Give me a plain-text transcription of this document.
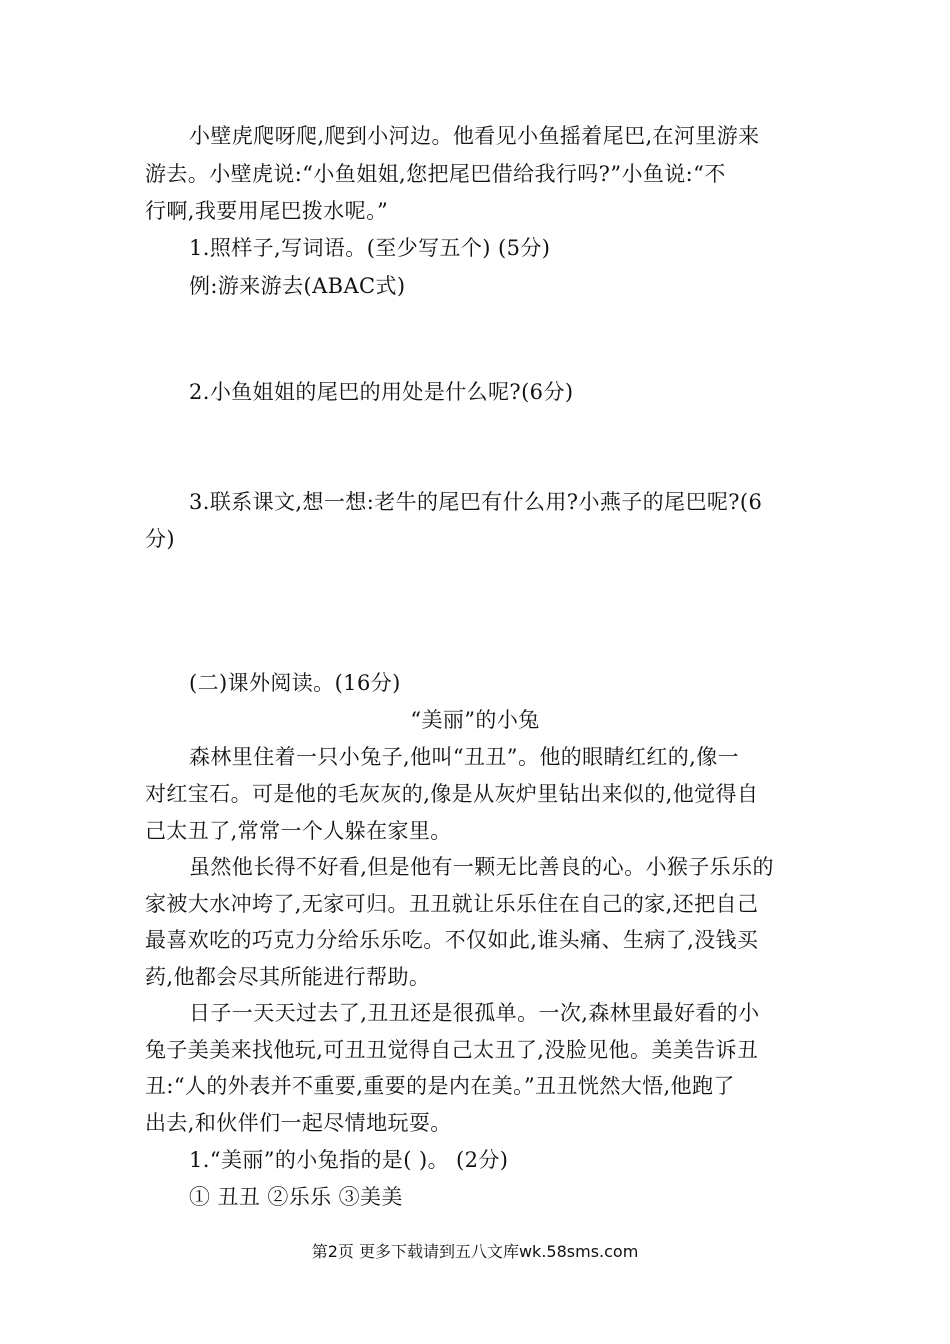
小壁虎爬呀爬,爬到小河边。他看见小鱼摇着尾巴,在河里游来
游去。小壁虎说:“小鱼姐姐,您把尾巴借给我行吗?”小鱼说:“不
行啊,我要用尾巴拨水呢。”
1.照样子,写词语。(至少写五个) (5分)
例:游来游去(ABAC式)
2.小鱼姐姐的尾巴的用处是什么呢?(6分)
3.联系课文,想一想:老牛的尾巴有什么用?小燕子的尾巴呢?(6
分)
(二)课外阅读。(16分)
“美丽”的小兔
森林里住着一只小兔子,他叫“丑丑”。他的眼睛红红的,像一
对红宝石。可是他的毛灰灰的,像是从灰炉里钻出来似的,他觉得自
己太丑了,常常一个人躲在家里。
虽然他长得不好看,但是他有一颗无比善良的心。小猴子乐乐的
家被大水冲垮了,无家可归。丑丑就让乐乐住在自己的家,还把自己
最喜欢吃的巧克力分给乐乐吃。不仅如此,谁头痛、生病了,没钱买
药,他都会尽其所能进行帮助。
日子一天天过去了,丑丑还是很孤单。一次,森林里最好看的小
兔子美美来找他玩,可丑丑觉得自己太丑了,没脸见他。美美告诉丑
丑:“人的外表并不重要,重要的是内在美。”丑丑恍然大悟,他跑了
出去,和伙伴们一起尽情地玩耍。
1.“美丽”的小兔指的是( )。 (2分)
① 丑丑 ②乐乐 ③美美
第2页 更多下载请到五八文库wk.58sms.com
